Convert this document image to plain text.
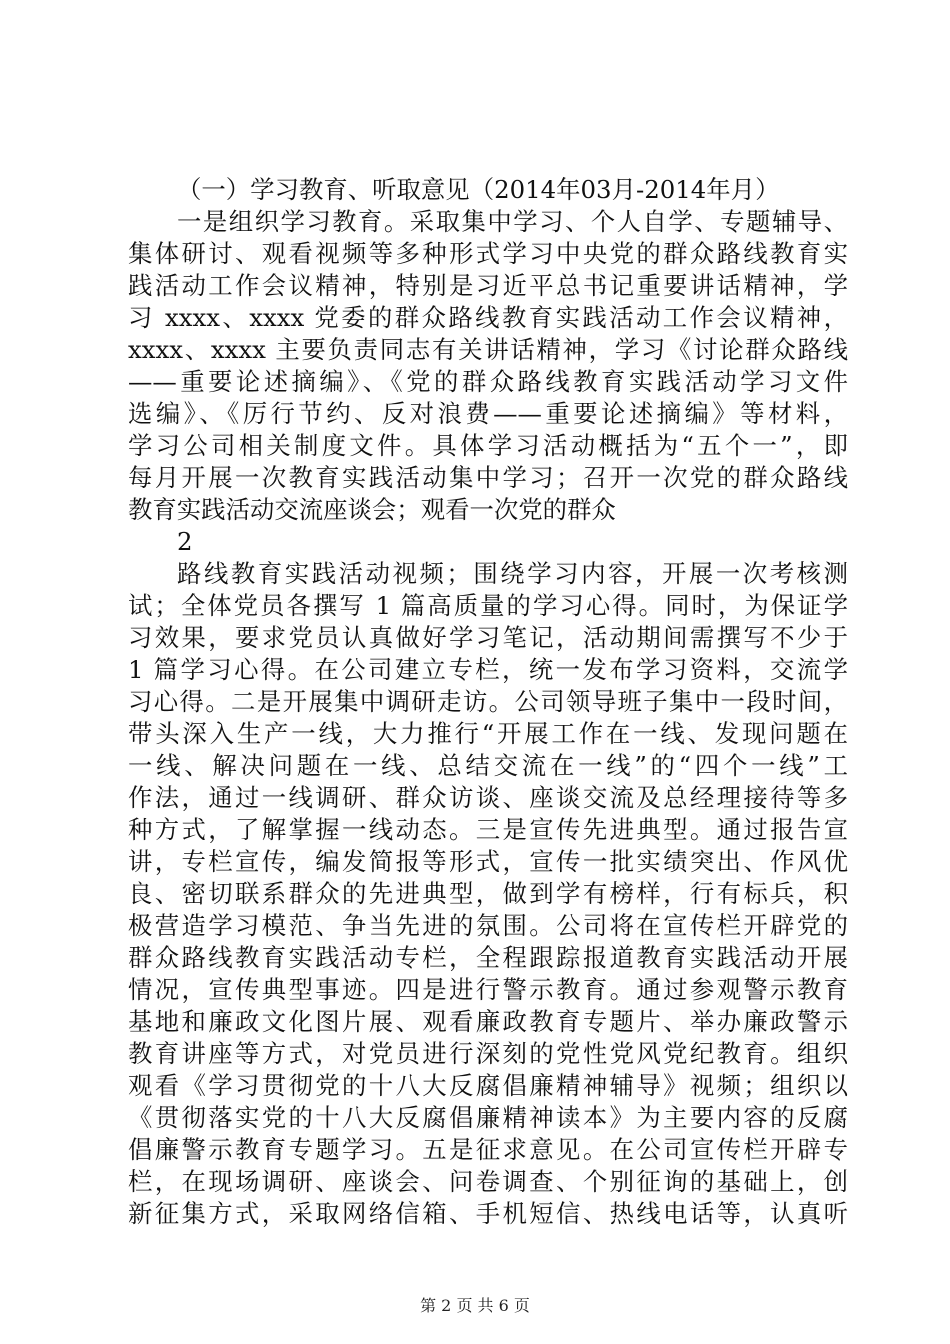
（一）学习教育、听取意见（2014年03月-2014年月）
一是组织学习教育。采取集中学习、个人自学、专题辅导、
集体研讨、观看视频等多种形式学习中央党的群众路线教育实
践活动工作会议精神，特别是习近平总书记重要讲话精神，学
习 xxxx、xxxx 党委的群众路线教育实践活动工作会议精神，
xxxx、xxxx 主要负责同志有关讲话精神，学习《讨论群众路线
——重要论述摘编》、《党的群众路线教育实践活动学习文件
选编》、《厉行节约、反对浪费——重要论述摘编》等材料，
学习公司相关制度文件。具体学习活动概括为“五个一”，即
每月开展一次教育实践活动集中学习；召开一次党的群众路线
教育实践活动交流座谈会；观看一次党的群众
2
路线教育实践活动视频；围绕学习内容，开展一次考核测
试；全体党员各撰写 1 篇高质量的学习心得。同时，为保证学
习效果，要求党员认真做好学习笔记，活动期间需撰写不少于
1 篇学习心得。在公司建立专栏，统一发布学习资料，交流学
习心得。二是开展集中调研走访。公司领导班子集中一段时间，
带头深入生产一线，大力推行“开展工作在一线、发现问题在
一线、解决问题在一线、总结交流在一线”的“四个一线”工
作法，通过一线调研、群众访谈、座谈交流及总经理接待等多
种方式，了解掌握一线动态。三是宣传先进典型。通过报告宣
讲，专栏宣传，编发简报等形式，宣传一批实绩突出、作风优
良、密切联系群众的先进典型，做到学有榜样，行有标兵，积
极营造学习模范、争当先进的氛围。公司将在宣传栏开辟党的
群众路线教育实践活动专栏，全程跟踪报道教育实践活动开展
情况，宣传典型事迹。四是进行警示教育。通过参观警示教育
基地和廉政文化图片展、观看廉政教育专题片、举办廉政警示
教育讲座等方式，对党员进行深刻的党性党风党纪教育。组织
观看《学习贯彻党的十八大反腐倡廉精神辅导》视频；组织以
《贯彻落实党的十八大反腐倡廉精神读本》为主要内容的反腐
倡廉警示教育专题学习。五是征求意见。在公司宣传栏开辟专
栏，在现场调研、座谈会、问卷调查、个别征询的基础上，创
新征集方式，采取网络信箱、手机短信、热线电话等，认真听
第 2 页 共 6 页
